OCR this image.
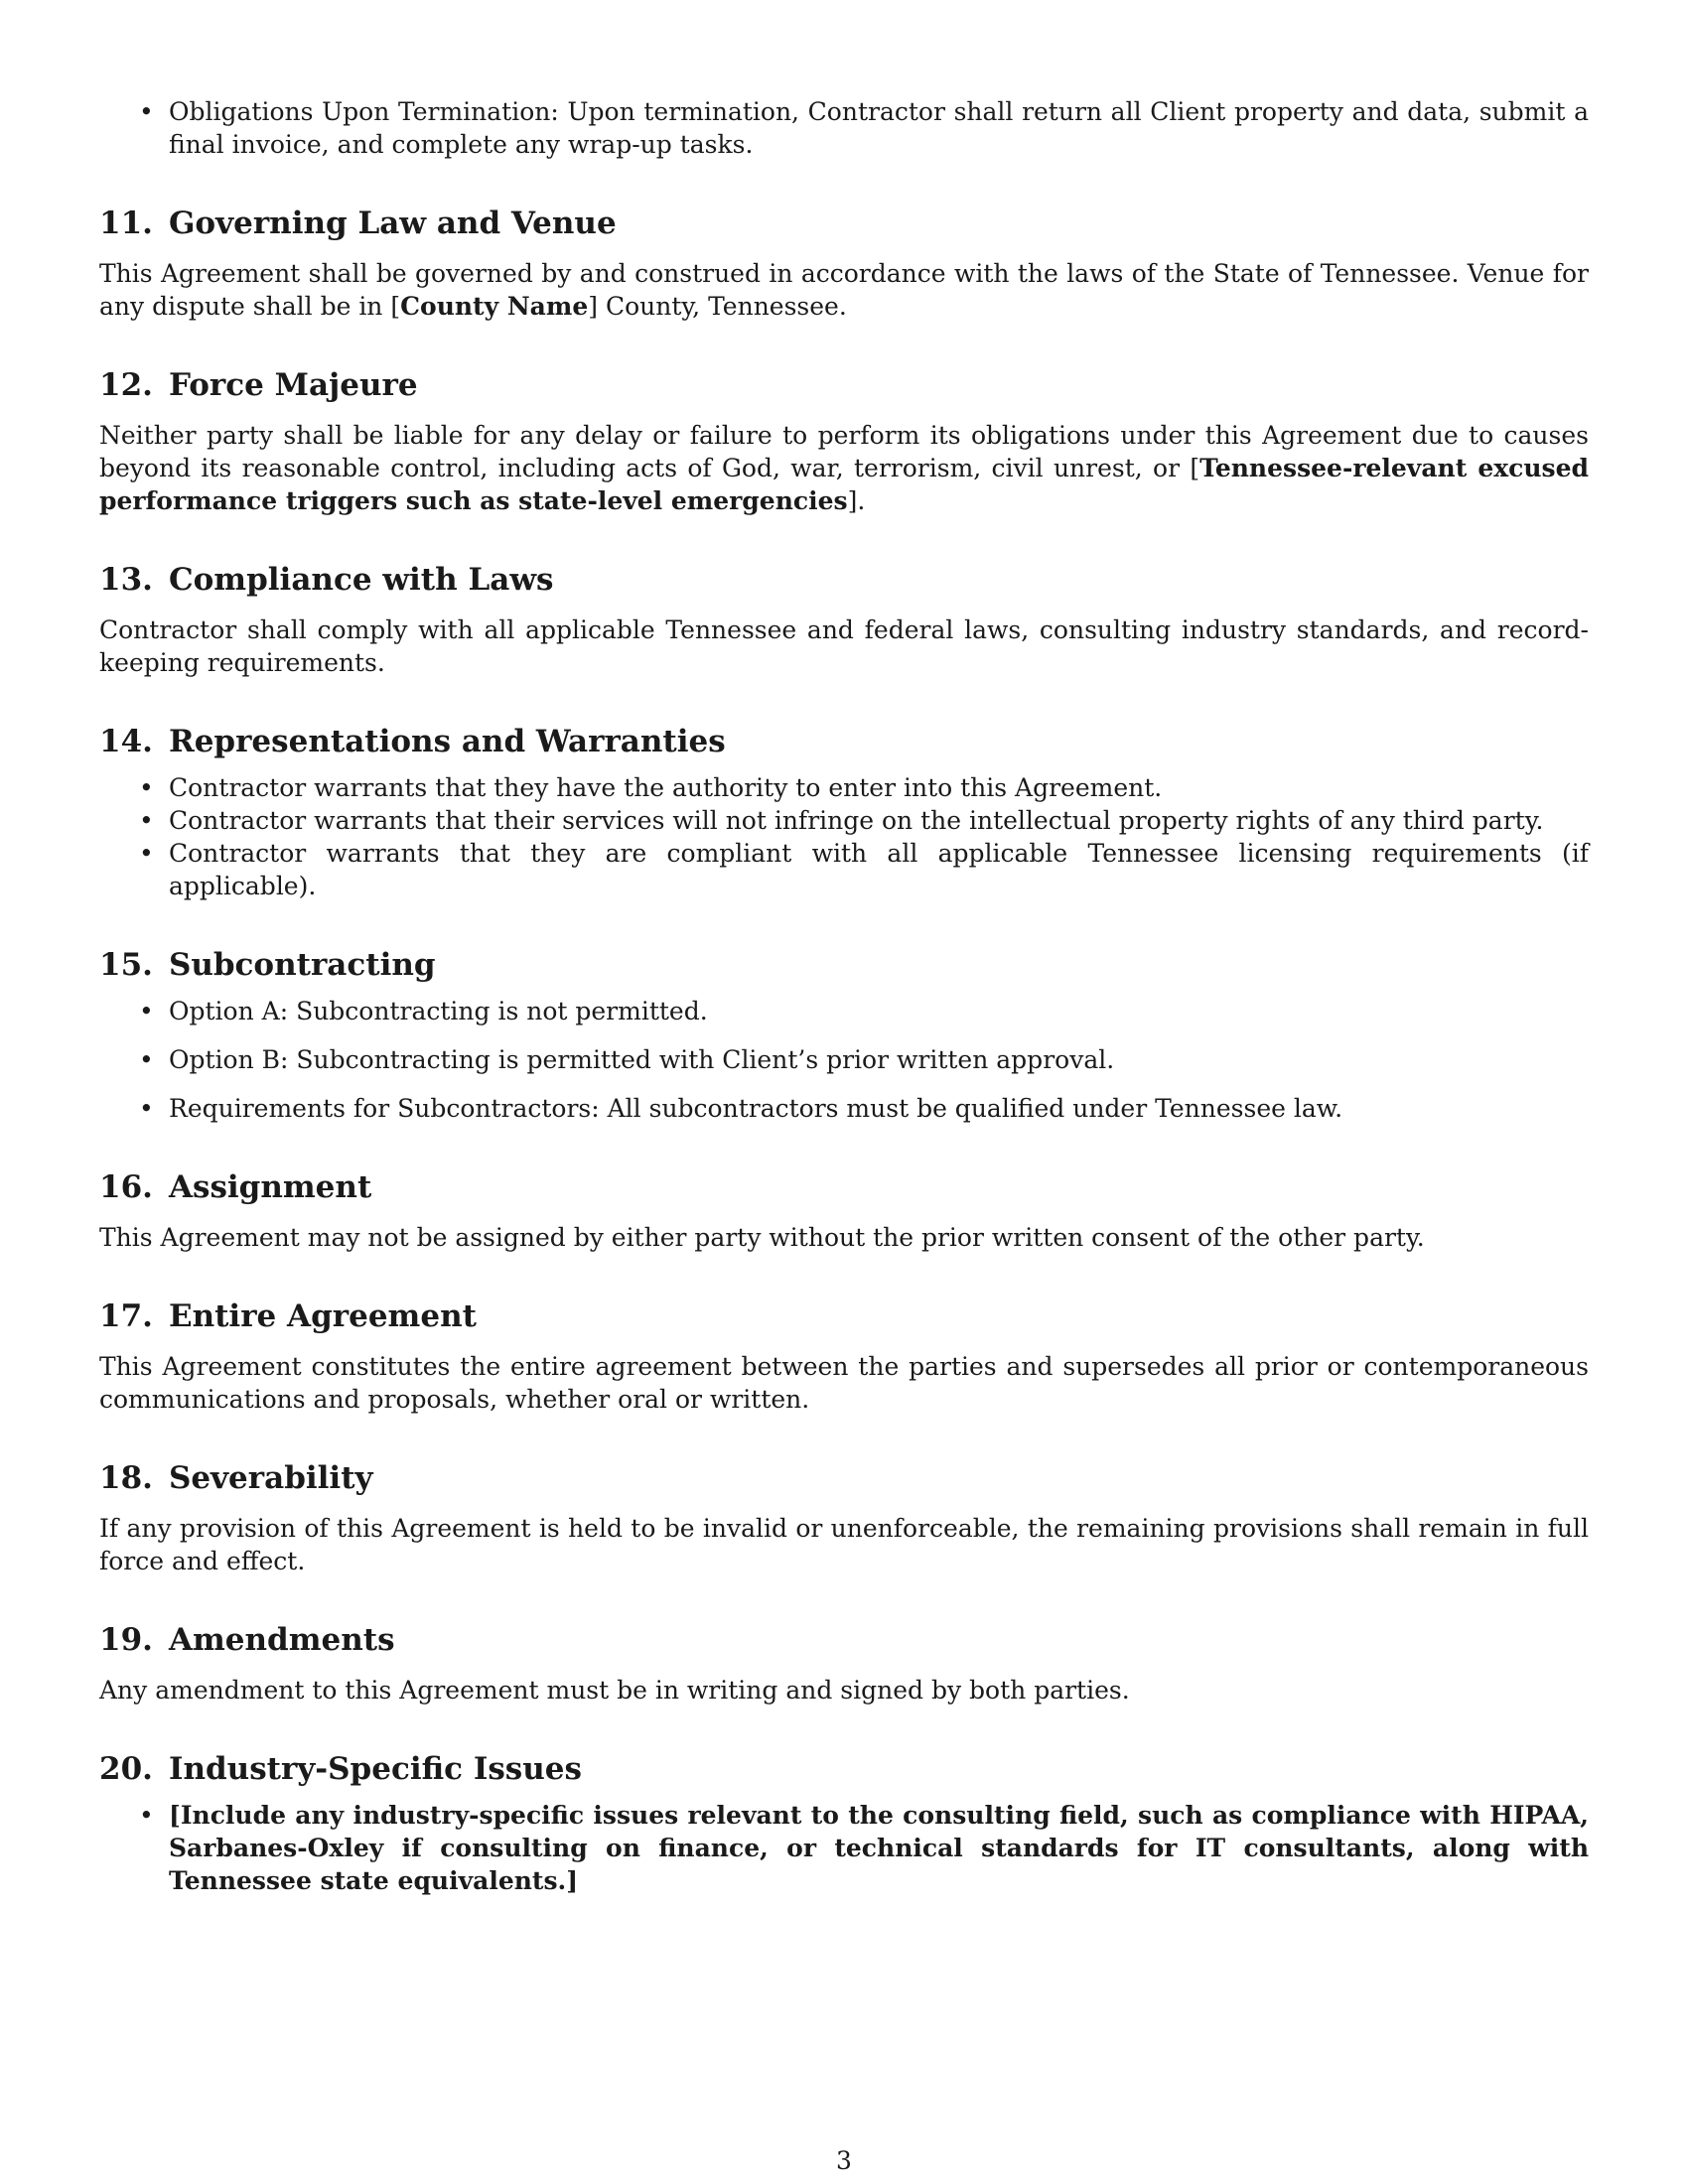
• Obligations Upon Termination: Upon termination, Contractor shall return all Client property and data, submit a final invoice, and complete any wrap-up tasks.
11. Governing Law and Venue

This Agreement shall be governed by and construed in accordance with the laws of the State of Tennessee. Venue for any dispute shall be in [County Name] County, Tennessee.

12. Force Majeure

Neither party shall be liable for any delay or failure to perform its obligations under this Agreement due to causes beyond its reasonable control, including acts of God, war, terrorism, civil unrest, or [Tennessee-relevant excused performance triggers such as state-level emergencies].

13. Compliance with Laws

Contractor shall comply with all applicable Tennessee and federal laws, consulting industry standards, and record-keeping requirements.

14. Representations and Warranties
• Contractor warrants that they have the authority to enter into this Agreement.
• Contractor warrants that their services will not infringe on the intellectual property rights of any third party.
• Contractor warrants that they are compliant with all applicable Tennessee licensing requirements (if applicable).
15. Subcontracting
• Option A: Subcontracting is not permitted.
• Option B: Subcontracting is permitted with Client’s prior written approval.
• Requirements for Subcontractors: All subcontractors must be qualified under Tennessee law.
16. Assignment

This Agreement may not be assigned by either party without the prior written consent of the other party.

17. Entire Agreement

This Agreement constitutes the entire agreement between the parties and supersedes all prior or contemporaneous communications and proposals, whether oral or written.

18. Severability

If any provision of this Agreement is held to be invalid or unenforceable, the remaining provisions shall remain in full force and effect.

19. Amendments

Any amendment to this Agreement must be in writing and signed by both parties.

20. Industry-Specific Issues
• [Include any industry-specific issues relevant to the consulting field, such as compliance with HIPAA, Sarbanes-Oxley if consulting on finance, or technical standards for IT consultants, along with Tennessee state equivalents.]
3
